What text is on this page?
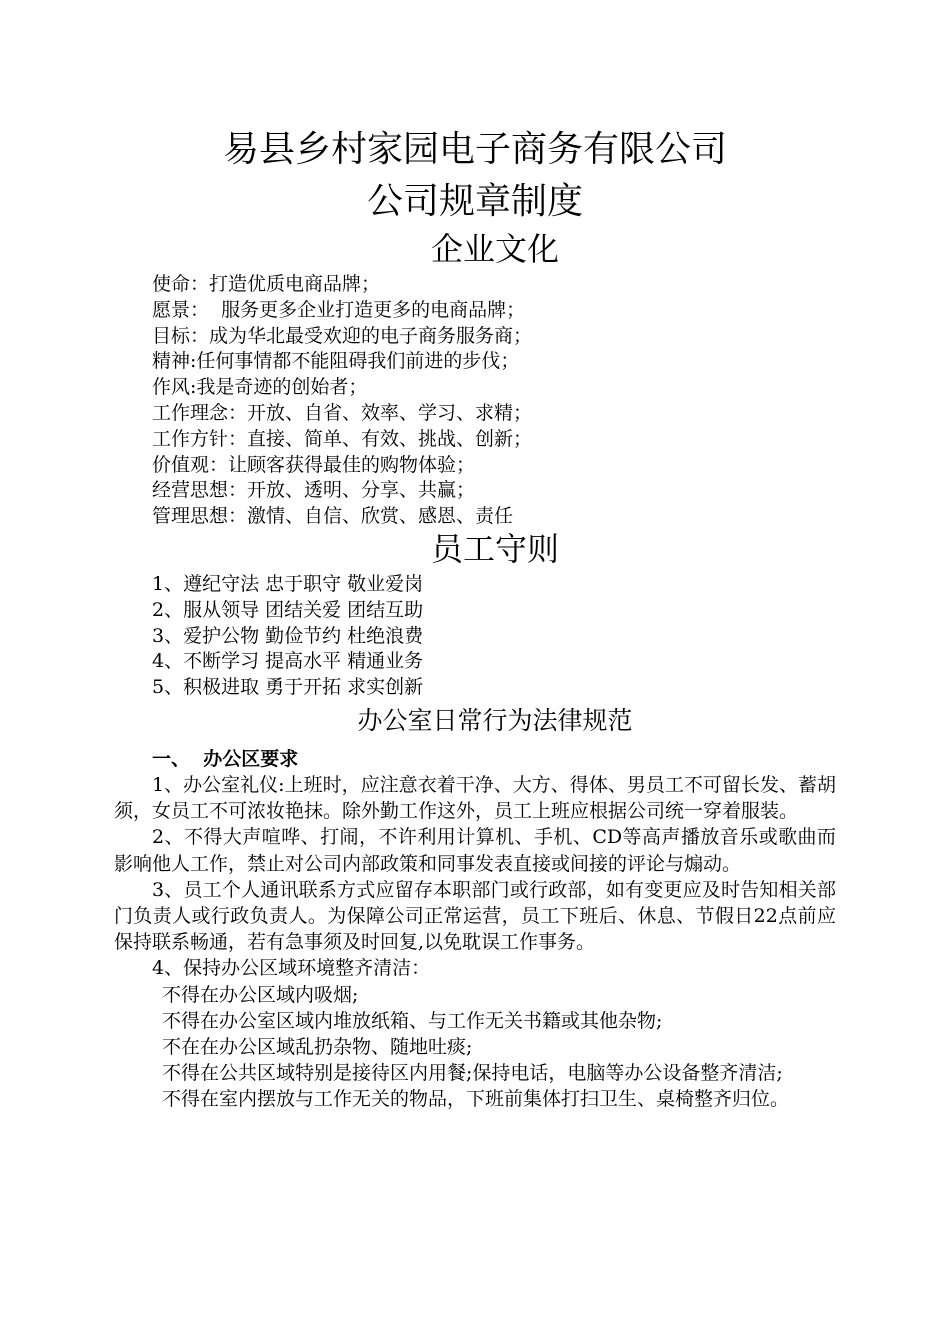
易县乡村家园电子商务有限公司
公司规章制度
企业文化
使命：打造优质电商品牌；
愿景：  服务更多企业打造更多的电商品牌；
目标：成为华北最受欢迎的电子商务服务商；
精神:任何事情都不能阻碍我们前进的步伐；
作风:我是奇迹的创始者；
工作理念：开放、自省、效率、学习、求精；
工作方针：直接、简单、有效、挑战、创新；
价值观：让顾客获得最佳的购物体验；
经营思想：开放、透明、分享、共赢；
管理思想：激情、自信、欣赏、感恩、责任
员工守则
1、遵纪守法 忠于职守 敬业爱岗
2、服从领导 团结关爱 团结互助
3、爱护公物 勤俭节约 杜绝浪费
4、不断学习 提高水平 精通业务
5、积极进取 勇于开拓 求实创新
办公室日常行为法律规范
一、  办公区要求

1、办公室礼仪:上班时，应注意衣着干净、大方、得体、男员工不可留长发、蓄胡须，女员工不可浓妆艳抹。除外勤工作这外，员工上班应根据公司统一穿着服装。

2、不得大声喧哗、打闹，不许利用计算机、手机、CD等高声播放音乐或歌曲而影响他人工作，禁止对公司内部政策和同事发表直接或间接的评论与煽动。

3、员工个人通讯联系方式应留存本职部门或行政部，如有变更应及时告知相关部门负责人或行政负责人。为保障公司正常运营，员工下班后、休息、节假日22点前应保持联系畅通，若有急事须及时回复,以免耽误工作事务。

4、保持办公区域环境整齐清洁：

不得在办公区域内吸烟;

不得在办公室区域内堆放纸箱、与工作无关书籍或其他杂物;

不在在办公区域乱扔杂物、随地吐痰;

不得在公共区域特别是接待区内用餐;保持电话，电脑等办公设备整齐清洁;

不得在室内摆放与工作无关的物品，下班前集体打扫卫生、桌椅整齐归位。
